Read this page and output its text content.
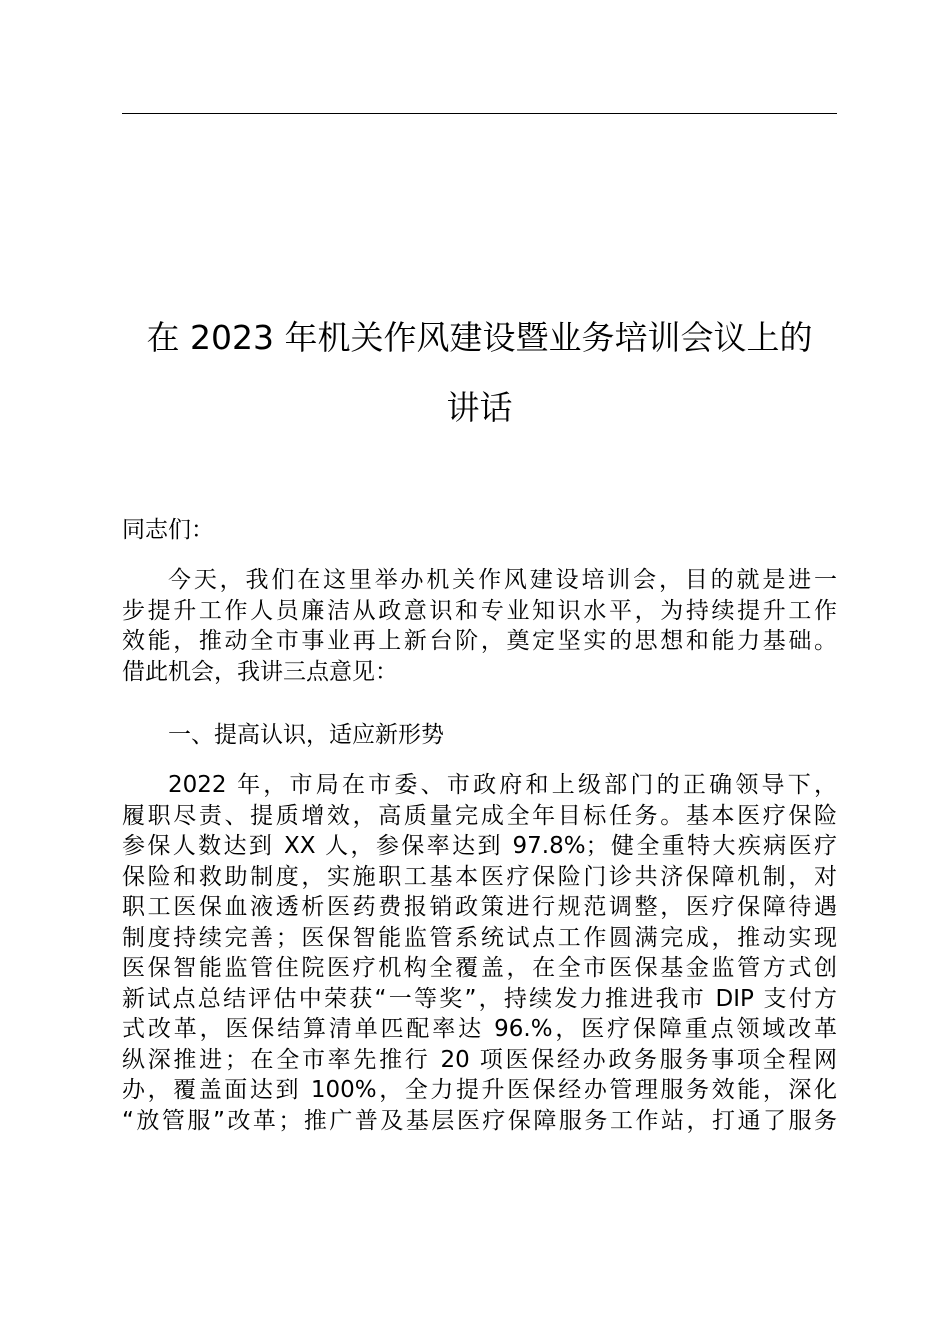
在 2023 年机关作风建设暨业务培训会议上的
讲话
同志们：
今天，我们在这里举办机关作风建设培训会，目的就是进一
步提升工作人员廉洁从政意识和专业知识水平，为持续提升工作
效能，推动全市事业再上新台阶，奠定坚实的思想和能力基础。
借此机会，我讲三点意见：
一、提高认识，适应新形势
2022 年，市局在市委、市政府和上级部门的正确领导下，
履职尽责、提质增效，高质量完成全年目标任务。基本医疗保险
参保人数达到 XX 人，参保率达到 97.8%；健全重特大疾病医疗
保险和救助制度，实施职工基本医疗保险门诊共济保障机制，对
职工医保血液透析医药费报销政策进行规范调整，医疗保障待遇
制度持续完善；医保智能监管系统试点工作圆满完成，推动实现
医保智能监管住院医疗机构全覆盖，在全市医保基金监管方式创
新试点总结评估中荣获“一等奖”，持续发力推进我市 DIP 支付方
式改革，医保结算清单匹配率达 96.%，医疗保障重点领域改革
纵深推进；在全市率先推行 20 项医保经办政务服务事项全程网
办，覆盖面达到 100%，全力提升医保经办管理服务效能，深化
“放管服”改革；推广普及基层医疗保障服务工作站，打通了服务
